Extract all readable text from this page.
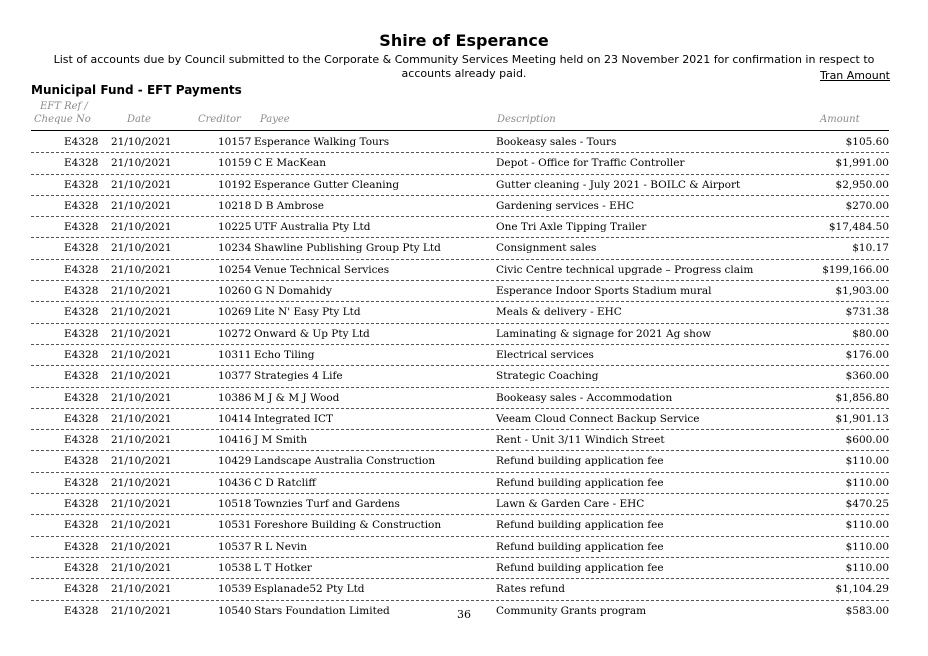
Shire of Esperance
List of accounts due by Council submitted to the Corporate & Community Services Meeting held on 23 November 2021 for confirmation in respect to accounts already paid.	Tran Amount
Municipal Fund - EFT Payments
EFT Ref /
Cheque No	Date	Creditor Payee	Description	Amount
E4328 21/10/2021	10157 Esperance Walking Tours	Bookeasy sales - Tours	$105.60
E4328 21/10/2021	10159 C E MacKean	Depot - Office for Traffic Controller	$1,991.00
E4328 21/10/2021	10192 Esperance Gutter Cleaning	Gutter cleaning - July 2021 - BOILC & Airport	$2,950.00
E4328 21/10/2021	10218 D B Ambrose	Gardening services - EHC	$270.00
E4328 21/10/2021	10225 UTF Australia Pty Ltd	One Tri Axle Tipping Trailer	$17,484.50
E4328 21/10/2021	10234 Shawline Publishing Group Pty Ltd	Consignment sales	$10.17
E4328 21/10/2021	10254 Venue Technical Services	Civic Centre technical upgrade – Progress claim	$199,166.00
E4328 21/10/2021	10260 G N Domahidy	Esperance Indoor Sports Stadium mural	$1,903.00
E4328 21/10/2021	10269 Lite N' Easy Pty Ltd	Meals & delivery - EHC	$731.38
E4328 21/10/2021	10272 Onward & Up Pty Ltd	Laminating & signage for 2021 Ag show	$80.00
E4328 21/10/2021	10311 Echo Tiling	Electrical services	$176.00
E4328 21/10/2021	10377 Strategies 4 Life	Strategic Coaching	$360.00
E4328 21/10/2021	10386 M J & M J Wood	Bookeasy sales - Accommodation	$1,856.80
E4328 21/10/2021	10414 Integrated ICT	Veeam Cloud Connect Backup Service	$1,901.13
E4328 21/10/2021	10416 J M Smith	Rent - Unit 3/11 Windich Street	$600.00
E4328 21/10/2021	10429 Landscape Australia Construction	Refund building application fee	$110.00
E4328 21/10/2021	10436 C D Ratcliff	Refund building application fee	$110.00
E4328 21/10/2021	10518 Townzies Turf and Gardens	Lawn & Garden Care - EHC	$470.25
E4328 21/10/2021	10531 Foreshore Building & Construction	Refund building application fee	$110.00
E4328 21/10/2021	10537 R L Nevin	Refund building application fee	$110.00
E4328 21/10/2021	10538 L T Hotker	Refund building application fee	$110.00
E4328 21/10/2021	10539 Esplanade52 Pty Ltd	Rates refund	$1,104.29
E4328 21/10/2021	10540 Stars Foundation Limited	Community Grants program	$583.00
36
